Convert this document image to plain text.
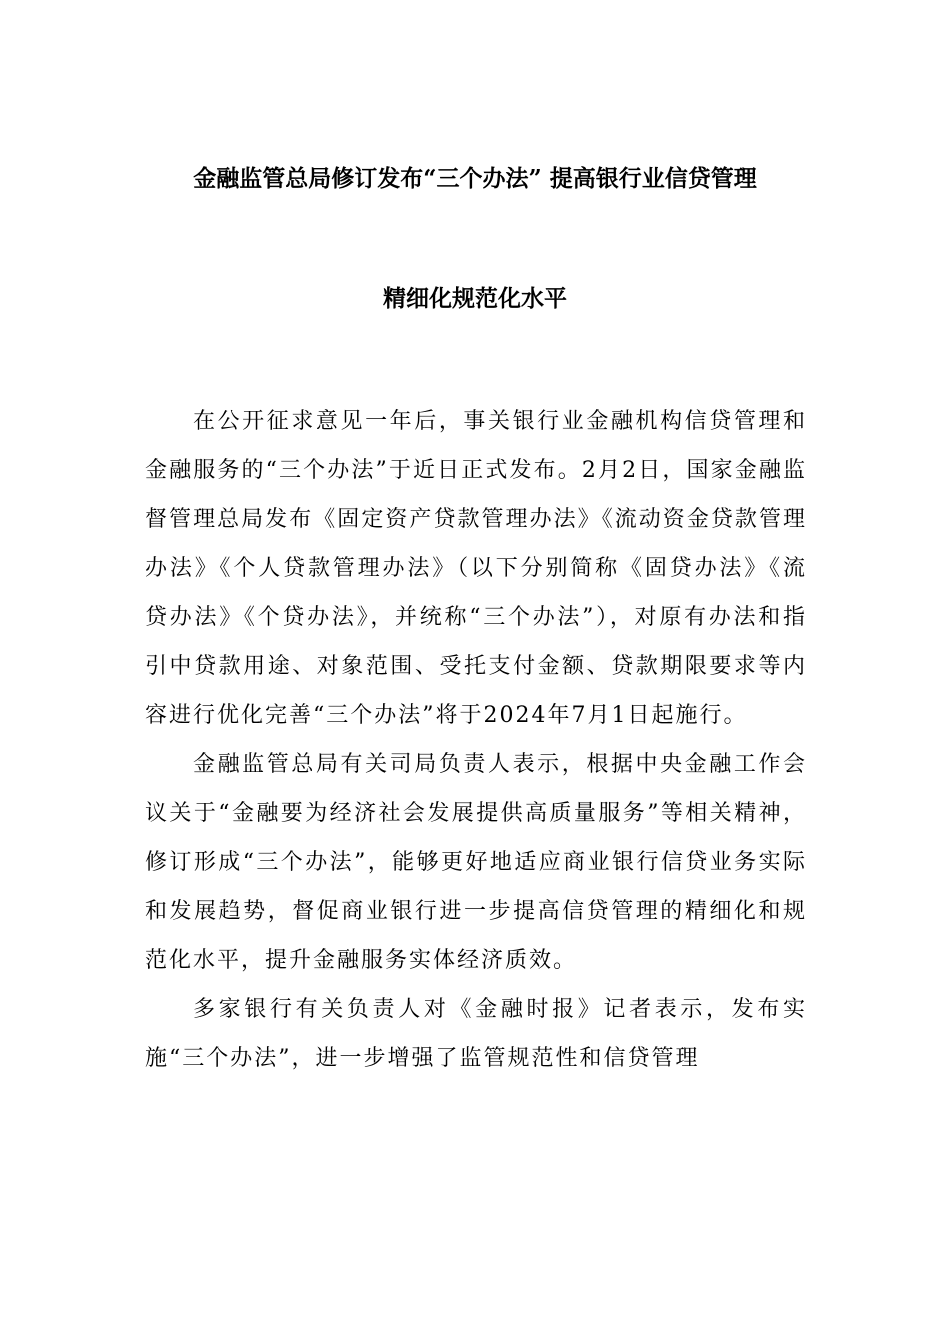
金融监管总局修订发布“三个办法” 提高银行业信贷管理
精细化规范化水平

在公开征求意见一年后，事关银行业金融机构信贷管理和金融服务的“三个办法”于近日正式发布。2月2日，国家金融监督管理总局发布《固定资产贷款管理办法》《流动资金贷款管理办法》《个人贷款管理办法》（以下分别简称《固贷办法》《流贷办法》《个贷办法》，并统称“三个办法”），对原有办法和指引中贷款用途、对象范围、受托支付金额、贷款期限要求等内容进行优化完善“三个办法”将于2024年7月1日起施行。

金融监管总局有关司局负责人表示，根据中央金融工作会议关于“金融要为经济社会发展提供高质量服务”等相关精神，修订形成“三个办法”，能够更好地适应商业银行信贷业务实际和发展趋势，督促商业银行进一步提高信贷管理的精细化和规范化水平，提升金融服务实体经济质效。

多家银行有关负责人对《金融时报》记者表示，发布实施“三个办法”，进一步增强了监管规范性和信贷管理
